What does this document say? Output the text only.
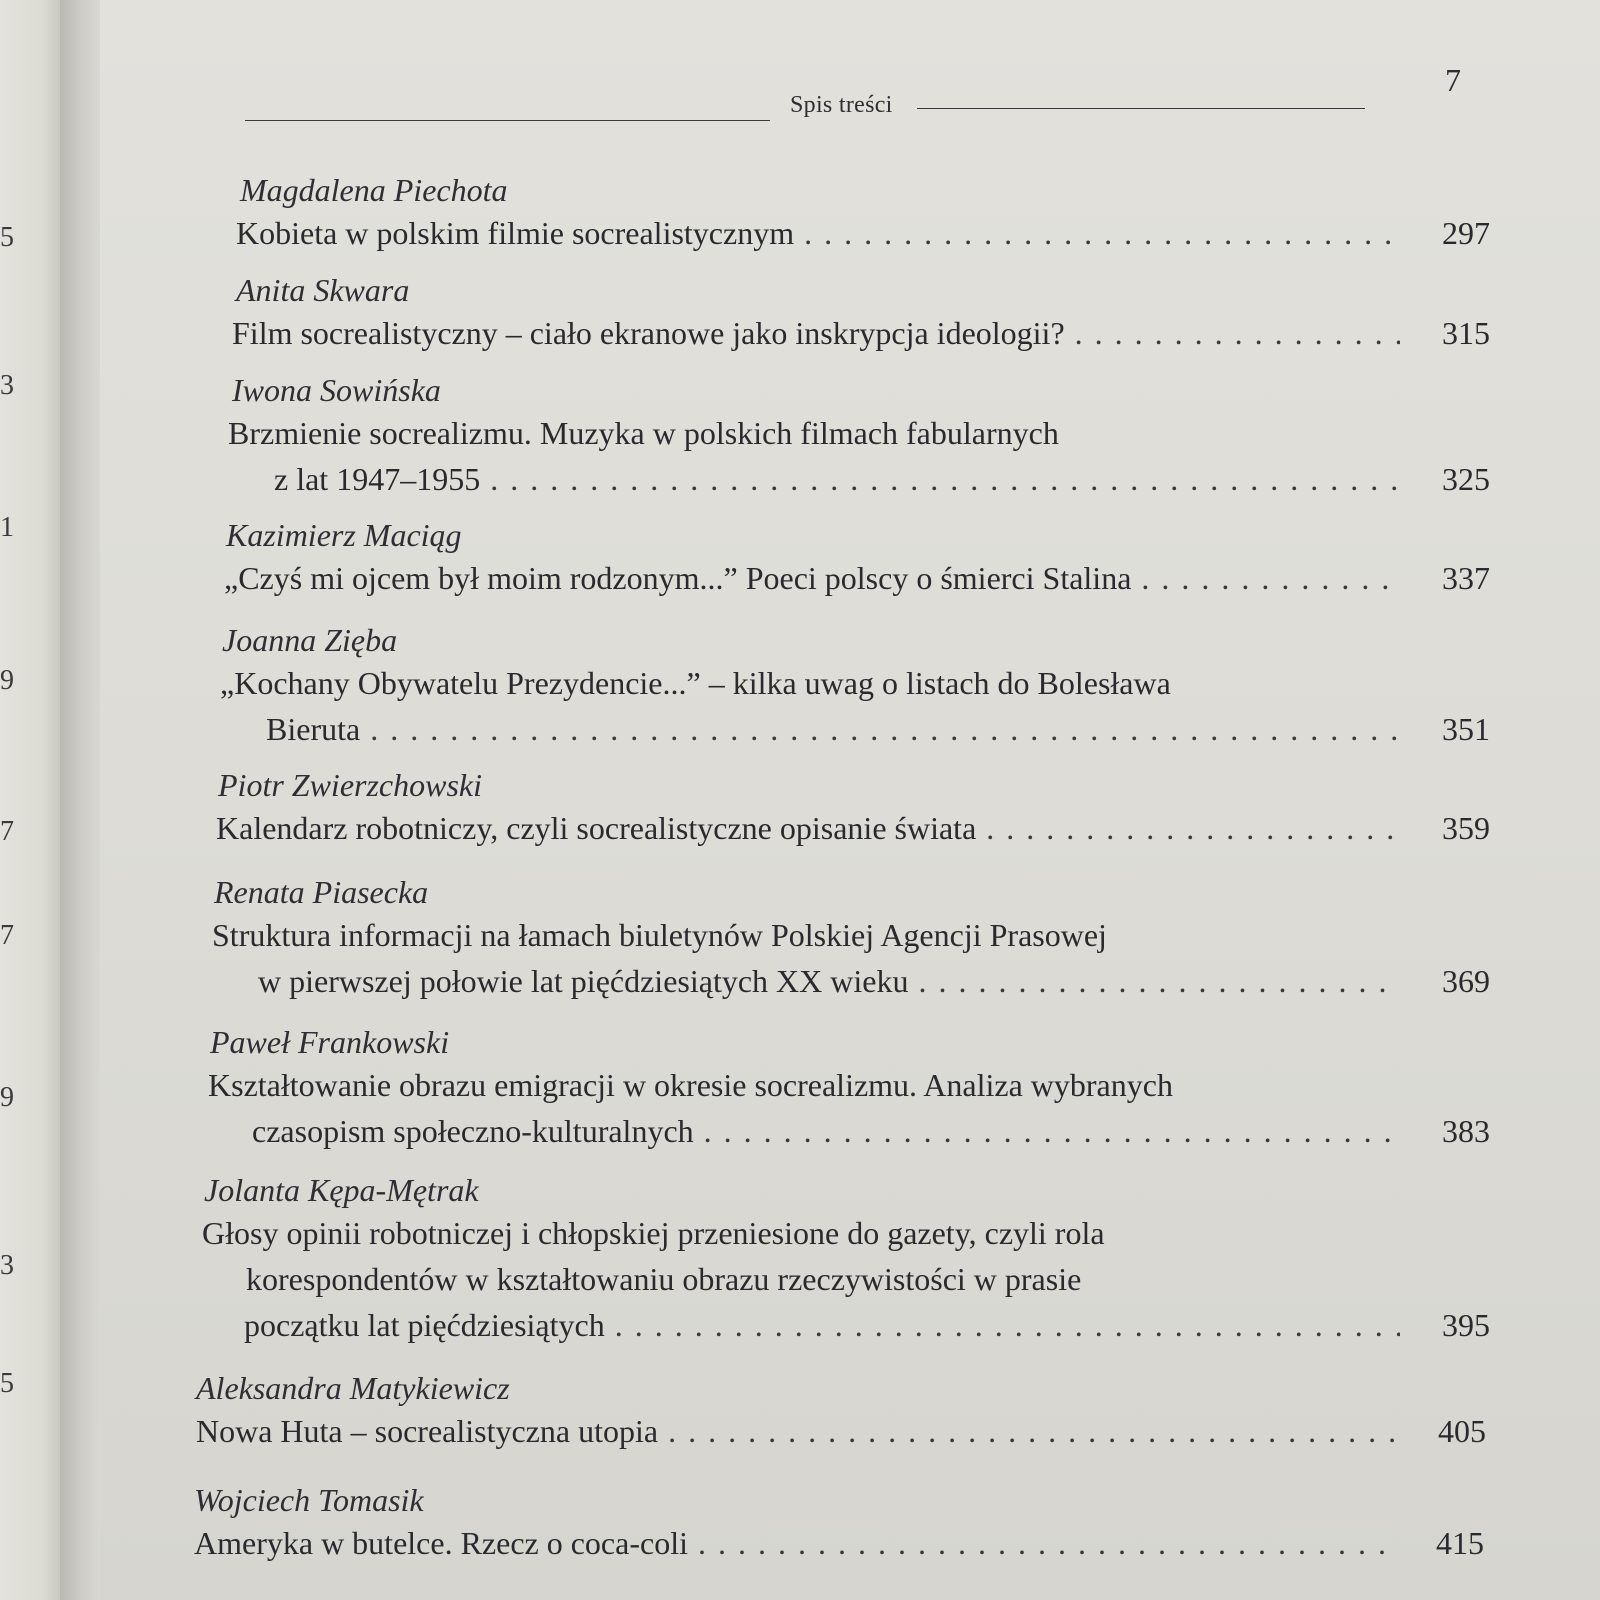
5
3
1
9
7
7
9
3
5
Spis treści
7
Magdalena Piechota
Kobieta w polskim filmie socrealistycznym . . .	297
Anita Skwara
Film socrealistyczny – ciało ekranowe jako inskrypcja ideologii? . . .	315
Iwona Sowińska
Brzmienie socrealizmu. Muzyka w polskich filmach fabularnych
z lat 1947–1955 . . .	325
Kazimierz Maciąg
„Czyś mi ojcem był moim rodzonym...” Poeci polscy o śmierci Stalina . . .	337
Joanna Zięba
„Kochany Obywatelu Prezydencie...” – kilka uwag o listach do Bolesława
Bieruta . . .	351
Piotr Zwierzchowski
Kalendarz robotniczy, czyli socrealistyczne opisanie świata . . .	359
Renata Piasecka
Struktura informacji na łamach biuletynów Polskiej Agencji Prasowej
w pierwszej połowie lat pięćdziesiątych XX wieku . . .	369
Paweł Frankowski
Kształtowanie obrazu emigracji w okresie socrealizmu. Analiza wybranych
czasopism społeczno-kulturalnych . . .	383
Jolanta Kępa-Mętrak
Głosy opinii robotniczej i chłopskiej przeniesione do gazety, czyli rola
korespondentów w kształtowaniu obrazu rzeczywistości w prasie
początku lat pięćdziesiątych . . .	395
Aleksandra Matykiewicz
Nowa Huta – socrealistyczna utopia . . .	405
Wojciech Tomasik
Ameryka w butelce. Rzecz o coca-coli . . .	415
